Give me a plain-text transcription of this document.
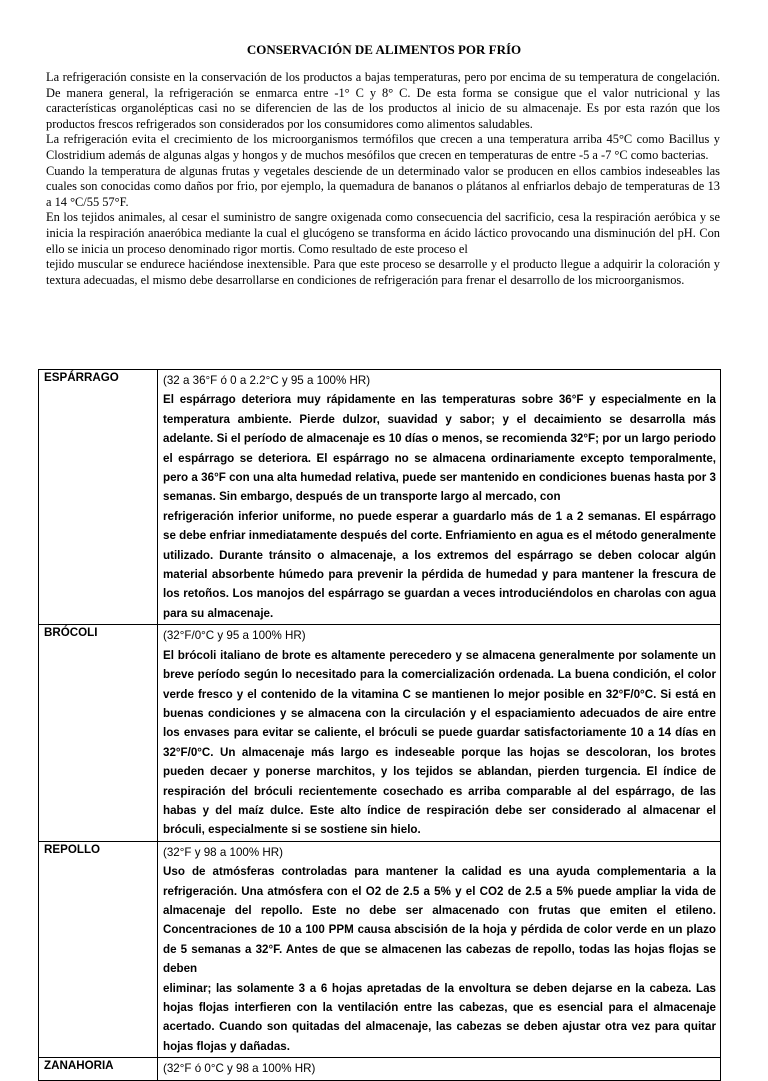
CONSERVACIÓN DE ALIMENTOS POR FRÍO

La refrigeración consiste en la conservación de los productos a bajas temperaturas, pero por encima de su temperatura de congelación. De manera general, la refrigeración se enmarca entre -1° C y 8° C. De esta forma se consigue que el valor nutricional y las características organolépticas casi no se diferencien de las de los productos al inicio de su almacenaje. Es por esta razón que los productos frescos refrigerados son considerados por los consumidores como alimentos saludables.

La refrigeración evita el crecimiento de los microorganismos termófilos que crecen a una temperatura arriba 45°C como Bacillus y Clostridium además de algunas algas y hongos y de muchos mesófilos que crecen en temperaturas de entre -5 a -7 °C como bacterias.

Cuando la temperatura de algunas frutas y vegetales desciende de un determinado valor se producen en ellos cambios indeseables las cuales son conocidas como daños por frio, por ejemplo, la quemadura de bananos o plátanos al enfriarlos debajo de temperaturas de 13 a 14 °C/55 57°F.

En los tejidos animales, al cesar el suministro de sangre oxigenada como consecuencia del sacrificio, cesa la respiración aeróbica y se inicia la respiración anaeróbica mediante la cual el glucógeno se transforma en ácido láctico provocando una disminución del pH. Con ello se inicia un proceso denominado rigor mortis. Como resultado de este proceso el

tejido muscular se endurece haciéndose inextensible. Para que este proceso se desarrolle y el producto llegue a adquirir la coloración y textura adecuadas, el mismo debe desarrollarse en condiciones de refrigeración para frenar el desarrollo de los microorganismos.

ESPÁRRAGO	(32 a 36°F ó 0 a 2.2°C y 95 a 100% HR)

El espárrago deteriora muy rápidamente en las temperaturas sobre 36°F y especialmente en la temperatura ambiente. Pierde dulzor, suavidad y sabor; y el decaimiento se desarrolla más adelante. Si el período de almacenaje es 10 días o menos, se recomienda 32°F; por un largo periodo el espárrago se deteriora. El espárrago no se almacena ordinariamente excepto temporalmente, pero a 36°F con una alta humedad relativa, puede ser mantenido en condiciones buenas hasta por 3 semanas. Sin embargo, después de un transporte largo al mercado, con

refrigeración inferior uniforme, no puede esperar a guardarlo más de 1 a 2 semanas. El espárrago se debe enfriar inmediatamente después del corte. Enfriamiento en agua es el método generalmente utilizado. Durante tránsito o almacenaje, a los extremos del espárrago se deben colocar algún material absorbente húmedo para prevenir la pérdida de humedad y para mantener la frescura de los retoños. Los manojos del espárrago se guardan a veces introduciéndolos en charolas con agua para su almacenaje.

BRÓCOLI	(32°F/0°C y 95 a 100% HR)

El brócoli italiano de brote es altamente perecedero y se almacena generalmente por solamente un breve período según lo necesitado para la comercialización ordenada. La buena condición, el color verde fresco y el contenido de la vitamina C se mantienen lo mejor posible en 32°F/0°C. Si está en buenas condiciones y se almacena con la circulación y el espaciamiento adecuados de aire entre los envases para evitar se caliente, el bróculi se puede guardar satisfactoriamente 10 a 14 días en 32°F/0°C. Un almacenaje más largo es indeseable porque las hojas se descoloran, los brotes pueden decaer y ponerse marchitos, y los tejidos se ablandan, pierden turgencia. El índice de respiración del bróculi recientemente cosechado es arriba comparable al del espárrago, de las habas y del maíz dulce. Este alto índice de respiración debe ser considerado al almacenar el bróculi, especialmente si se sostiene sin hielo.

REPOLLO	(32°F y 98 a 100% HR)

Uso de atmósferas controladas para mantener la calidad es una ayuda complementaria a la refrigeración. Una atmósfera con el O2 de 2.5 a 5% y el CO2 de 2.5 a 5% puede ampliar la vida de almacenaje del repollo. Este no debe ser almacenado con frutas que emiten el etileno. Concentraciones de 10 a 100 PPM causa abscisión de la hoja y pérdida de color verde en un plazo de 5 semanas a 32°F. Antes de que se almacenen las cabezas de repollo, todas las hojas flojas se deben

eliminar; las solamente 3 a 6 hojas apretadas de la envoltura se deben dejarse en la cabeza. Las hojas flojas interfieren con la ventilación entre las cabezas, que es esencial para el almacenaje acertado. Cuando son quitadas del almacenaje, las cabezas se deben ajustar otra vez para quitar hojas flojas y dañadas.

ZANAHORIA	(32°F ó 0°C y 98 a 100% HR)
